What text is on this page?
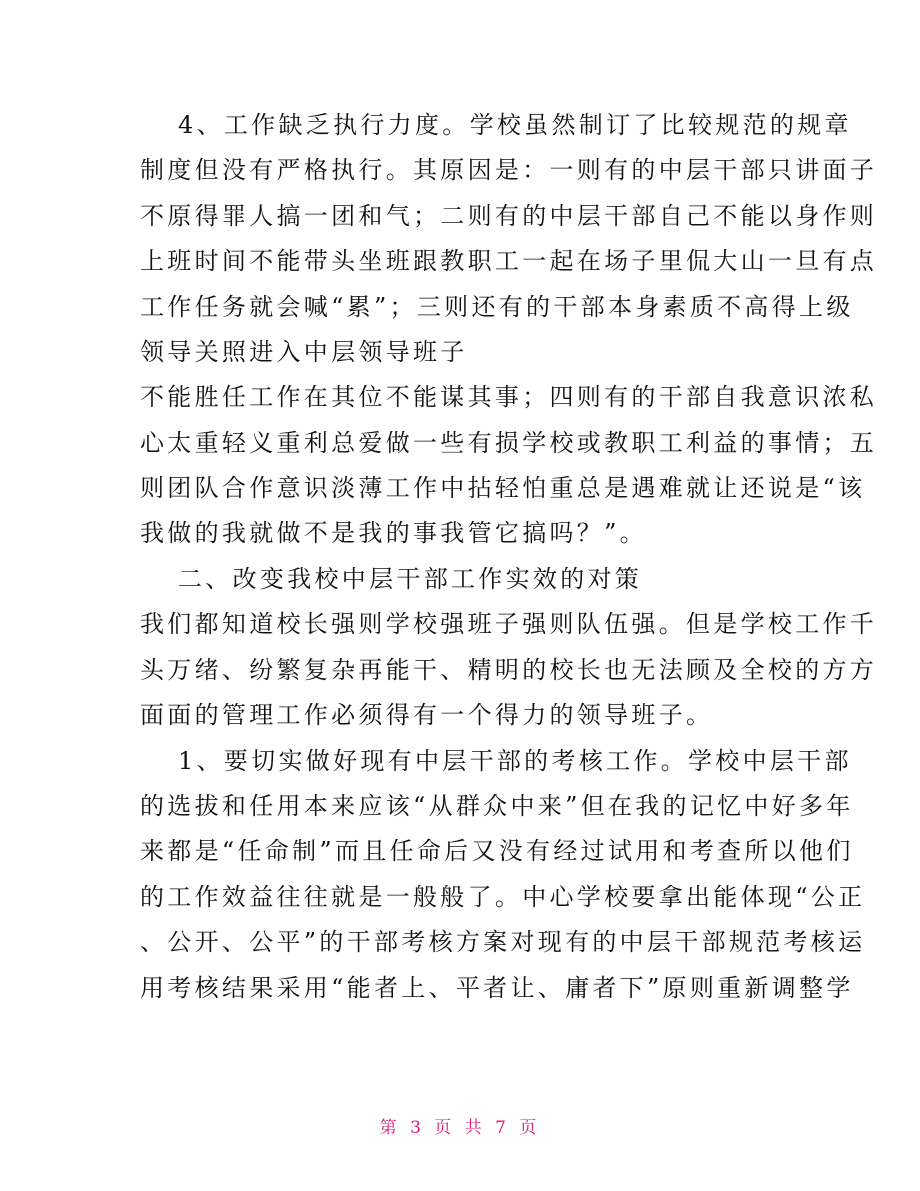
4、工作缺乏执行力度。学校虽然制订了比较规范的规章
制度但没有严格执行。其原因是：一则有的中层干部只讲面子
不原得罪人搞一团和气；二则有的中层干部自己不能以身作则
上班时间不能带头坐班跟教职工一起在场子里侃大山一旦有点
工作任务就会喊“累”；三则还有的干部本身素质不高得上级
领导关照进入中层领导班子
不能胜任工作在其位不能谋其事；四则有的干部自我意识浓私
心太重轻义重利总爱做一些有损学校或教职工利益的事情；五
则团队合作意识淡薄工作中拈轻怕重总是遇难就让还说是“该
我做的我就做不是我的事我管它搞吗？”。
二、改变我校中层干部工作实效的对策
我们都知道校长强则学校强班子强则队伍强。但是学校工作千
头万绪、纷繁复杂再能干、精明的校长也无法顾及全校的方方
面面的管理工作必须得有一个得力的领导班子。
1、要切实做好现有中层干部的考核工作。学校中层干部
的选拔和任用本来应该“从群众中来”但在我的记忆中好多年
来都是“任命制”而且任命后又没有经过试用和考查所以他们
的工作效益往往就是一般般了。中心学校要拿出能体现“公正
、公开、公平”的干部考核方案对现有的中层干部规范考核运
用考核结果采用“能者上、平者让、庸者下”原则重新调整学
第 3 页 共 7 页
